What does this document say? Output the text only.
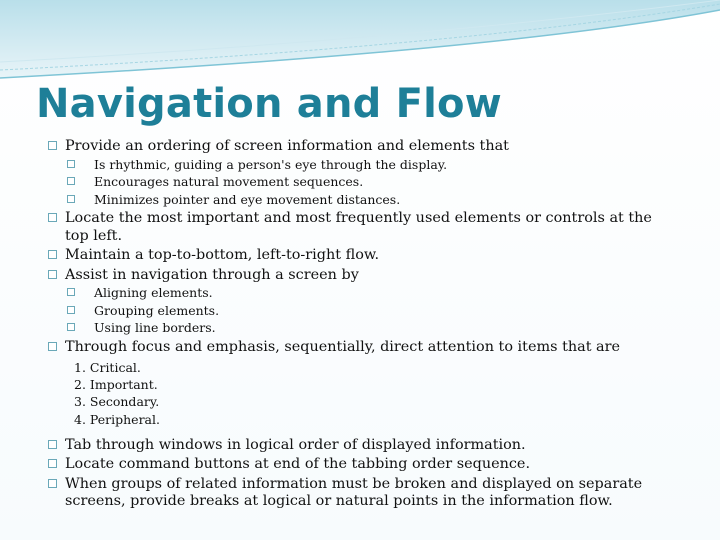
Navigation and Flow
Provide an ordering of screen information and elements that
Is rhythmic, guiding a person's eye through the display.
Encourages natural movement sequences.
Minimizes pointer and eye movement distances.
Locate the most important and most frequently used elements or controls at the top left.
Maintain a top-to-bottom, left-to-right flow.
Assist in navigation through a screen by
Aligning elements.
Grouping elements.
Using line borders.
Through focus and emphasis, sequentially, direct attention to items that are
1. Critical.
2. Important.
3. Secondary.
4. Peripheral.
Tab through windows in logical order of displayed information.
Locate command buttons at end of the tabbing order sequence.
When groups of related information must be broken and displayed on separate screens, provide breaks at logical or natural points in the information flow.
